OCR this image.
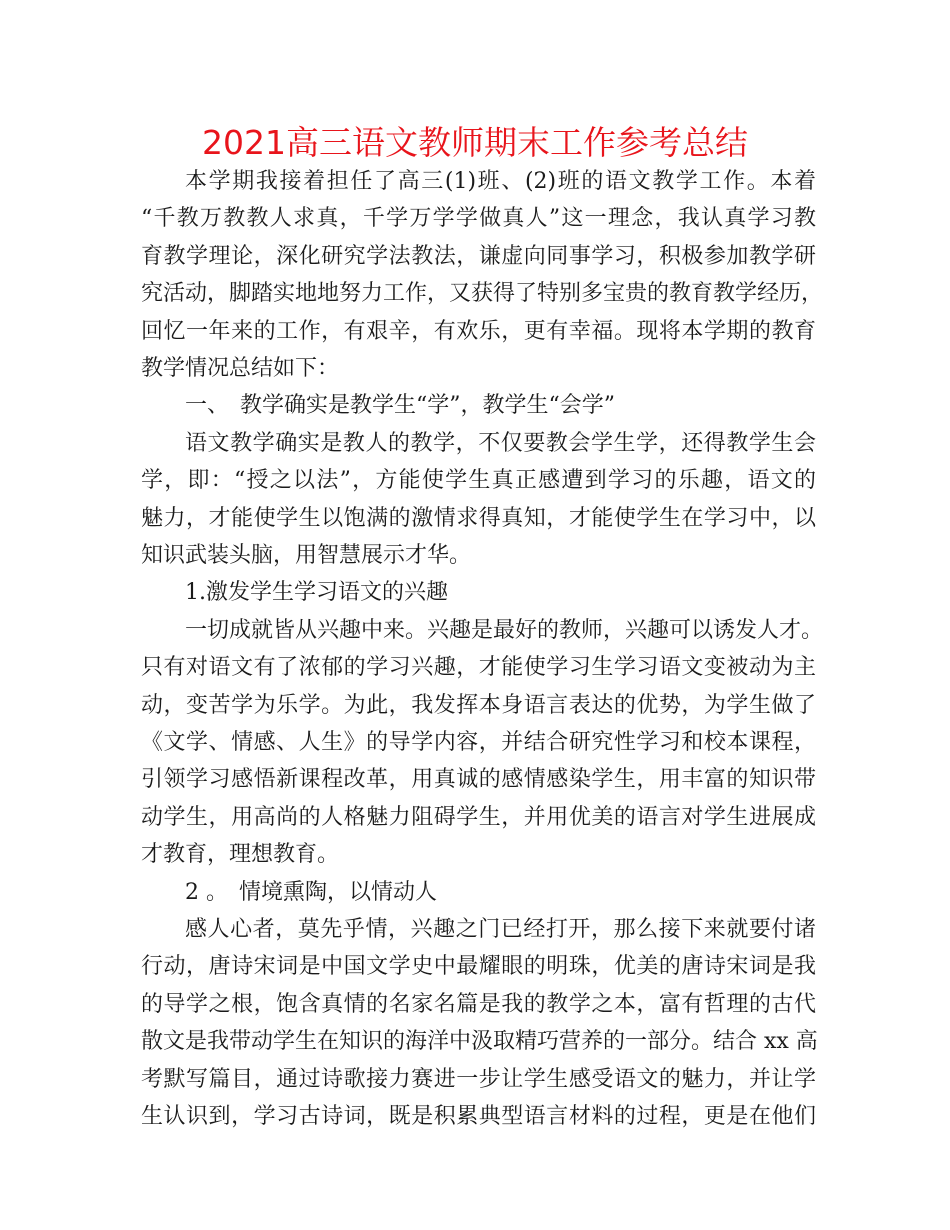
2021高三语文教师期末工作参考总结
本学期我接着担任了高三(1)班、(2)班的语文教学工作。本着
“千教万教教人求真，千学万学学做真人”这一理念，我认真学习教
育教学理论，深化研究学法教法，谦虚向同事学习，积极参加教学研
究活动，脚踏实地地努力工作，又获得了特别多宝贵的教育教学经历，
回忆一年来的工作，有艰辛，有欢乐，更有幸福。现将本学期的教育
教学情况总结如下：
一、　教学确实是教学生“学”，教学生“会学”
语文教学确实是教人的教学，不仅要教会学生学，还得教学生会
学，即：“授之以法”，方能使学生真正感遭到学习的乐趣，语文的
魅力，才能使学生以饱满的激情求得真知，才能使学生在学习中，以
知识武装头脑，用智慧展示才华。
1.激发学生学习语文的兴趣
一切成就皆从兴趣中来。兴趣是最好的教师，兴趣可以诱发人才。
只有对语文有了浓郁的学习兴趣，才能使学习生学习语文变被动为主
动，变苦学为乐学。为此，我发挥本身语言表达的优势，为学生做了
《文学、情感、人生》的导学内容，并结合研究性学习和校本课程，
引领学习感悟新课程改革，用真诚的感情感染学生，用丰富的知识带
动学生，用高尚的人格魅力阻碍学生，并用优美的语言对学生进展成
才教育，理想教育。
2 。　情境熏陶，以情动人
感人心者，莫先乎情，兴趣之门已经打开，那么接下来就要付诸
行动，唐诗宋词是中国文学史中最耀眼的明珠，优美的唐诗宋词是我
的导学之根，饱含真情的名家名篇是我的教学之本，富有哲理的古代
散文是我带动学生在知识的海洋中汲取精巧营养的一部分。结合 xx 高
考默写篇目，通过诗歌接力赛进一步让学生感受语文的魅力，并让学
生认识到，学习古诗词，既是积累典型语言材料的过程，更是在他们
